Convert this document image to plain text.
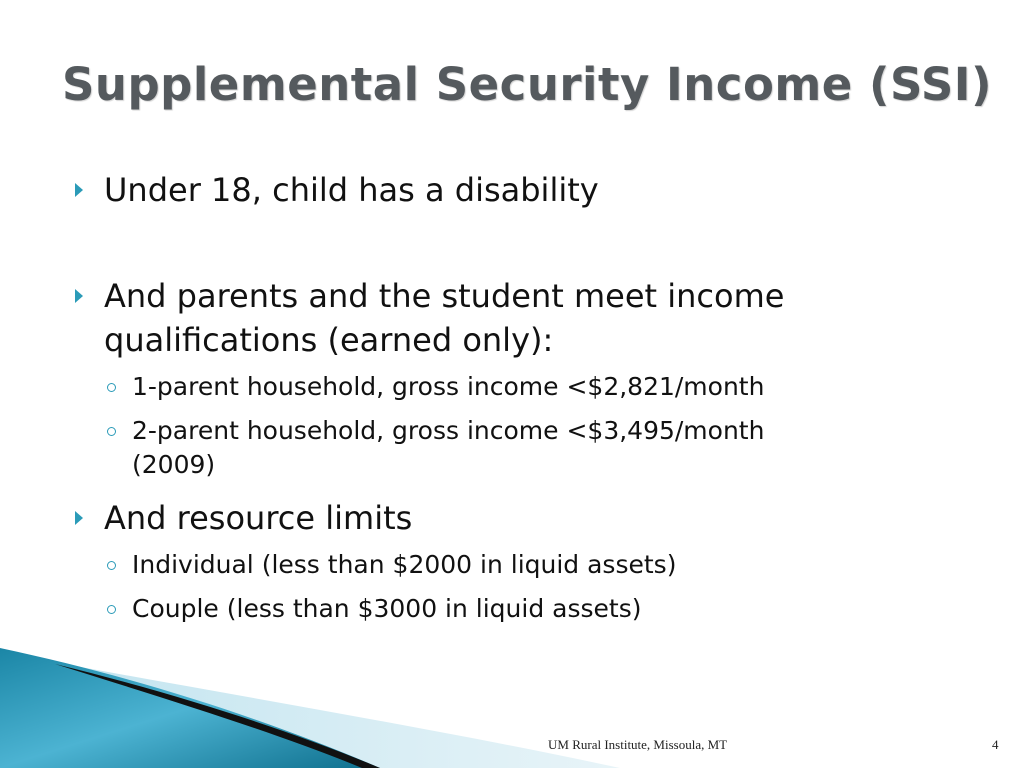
Supplemental Security Income (SSI)
Under 18, child has a disability
And parents and the student meet income
qualifications (earned only):
1-parent household, gross income <$2,821/month
2-parent household, gross income <$3,495/month
(2009)
And resource limits
Individual (less than $2000 in liquid assets)
Couple (less than $3000 in liquid assets)
UM Rural Institute, Missoula, MT	4
